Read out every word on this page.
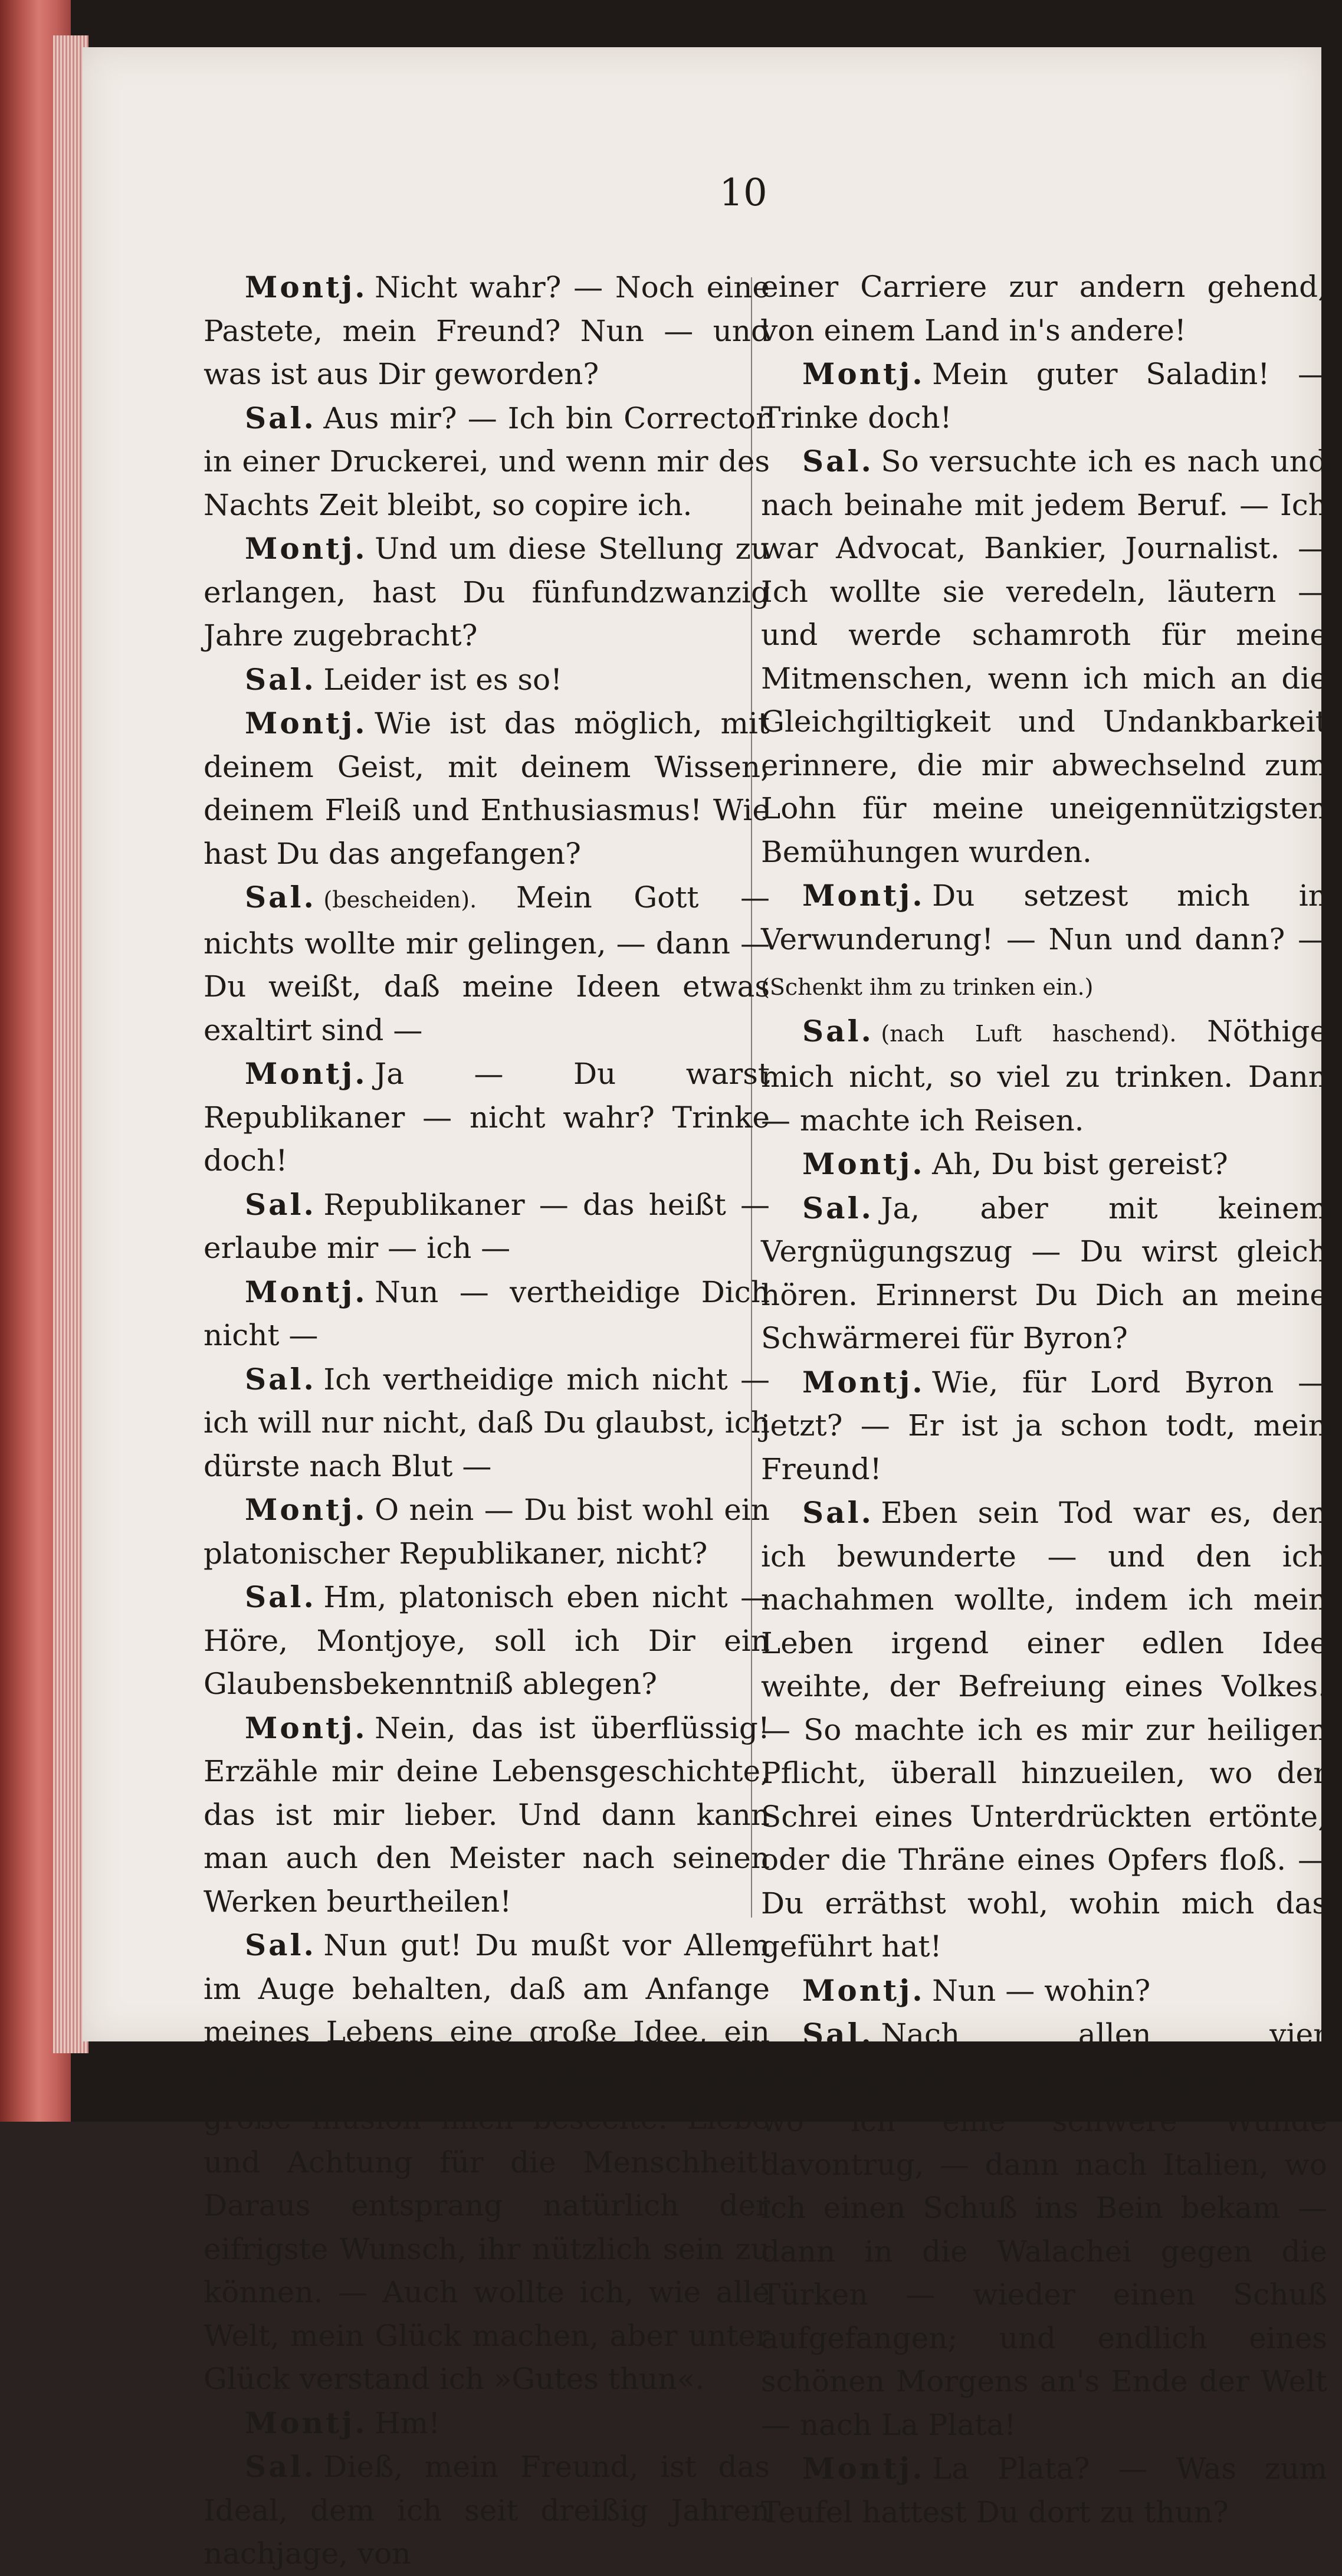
10

Montj. Nicht wahr? — Noch eine Pastete, mein Freund? Nun — und was ist aus Dir geworden?

Sal. Aus mir? — Ich bin Corrector in einer Druckerei, und wenn mir des Nachts Zeit bleibt, so copire ich.

Montj. Und um diese Stellung zu erlangen, hast Du fünfundzwanzig Jahre zugebracht?

Sal. Leider ist es so!

Montj. Wie ist das möglich, mit deinem Geist, mit deinem Wissen, deinem Fleiß und Enthusiasmus! Wie hast Du das angefangen?

Sal. (bescheiden). Mein Gott — nichts wollte mir gelingen, — dann — Du weißt, daß meine Ideen etwas exaltirt sind —

Montj. Ja — Du warst Republikaner — nicht wahr? Trinke doch!

Sal. Republikaner — das heißt — erlaube mir — ich —

Montj. Nun — vertheidige Dich nicht —

Sal. Ich vertheidige mich nicht — ich will nur nicht, daß Du glaubst, ich dürste nach Blut —

Montj. O nein — Du bist wohl ein platonischer Republikaner, nicht?

Sal. Hm, platonisch eben nicht — Höre, Montjoye, soll ich Dir ein Glaubensbekenntniß ablegen?

Montj. Nein, das ist überflüssig! Erzähle mir deine Lebensgeschichte, das ist mir lieber. Und dann kann man auch den Meister nach seinen Werken beurtheilen!

Sal. Nun gut! Du mußt vor Allem im Auge behalten, daß am Anfange meines Lebens eine große Idee, ein großes Gefühl — vielleicht eine große Illusion mich beseelte: Liebe und Achtung für die Menschheit! Daraus entsprang natürlich der eifrigste Wunsch, ihr nützlich sein zu können. — Auch wollte ich, wie alle Welt, mein Glück machen, aber unter Glück verstand ich »Gutes thun«.

Montj. Hm!

Sal. Dieß, mein Freund, ist das Ideal, dem ich seit dreißig Jahren nachjage, von

einer Carriere zur andern gehend, von einem Land in's andere!

Montj. Mein guter Saladin! — Trinke doch!

Sal. So versuchte ich es nach und nach beinahe mit jedem Beruf. — Ich war Advocat, Bankier, Journalist. — Ich wollte sie veredeln, läutern — und werde schamroth für meine Mitmenschen, wenn ich mich an die Gleichgiltigkeit und Undankbarkeit erinnere, die mir abwechselnd zum Lohn für meine uneigennützigsten Bemühungen wurden.

Montj. Du setzest mich in Verwunderung! — Nun und dann? — (Schenkt ihm zu trinken ein.)

Sal. (nach Luft haschend). Nöthige mich nicht, so viel zu trinken. Dann — machte ich Reisen.

Montj. Ah, Du bist gereist?

Sal. Ja, aber mit keinem Vergnügungszug — Du wirst gleich hören. Erinnerst Du Dich an meine Schwärmerei für Byron?

Montj. Wie, für Lord Byron — jetzt? — Er ist ja schon todt, mein Freund!

Sal. Eben sein Tod war es, den ich bewunderte — und den ich nachahmen wollte, indem ich mein Leben irgend einer edlen Idee weihte, der Befreiung eines Volkes. — So machte ich es mir zur heiligen Pflicht, überall hinzueilen, wo der Schrei eines Unterdrückten ertönte, oder die Thräne eines Opfers floß. — Du erräthst wohl, wohin mich das geführt hat!

Montj. Nun — wohin?

Sal. Nach allen vier Weltgegenden! Erst nach Spanien — wo ich eine schwere Wunde davontrug, — dann nach Italien, wo ich einen Schuß ins Bein bekam — dann in die Walachei gegen die Türken — wieder einen Schuß aufgefangen; und endlich eines schönen Morgens an's Ende der Welt — nach La Plata!

Montj. La Plata? — Was zum Teufel hattest Du dort zu thun?
